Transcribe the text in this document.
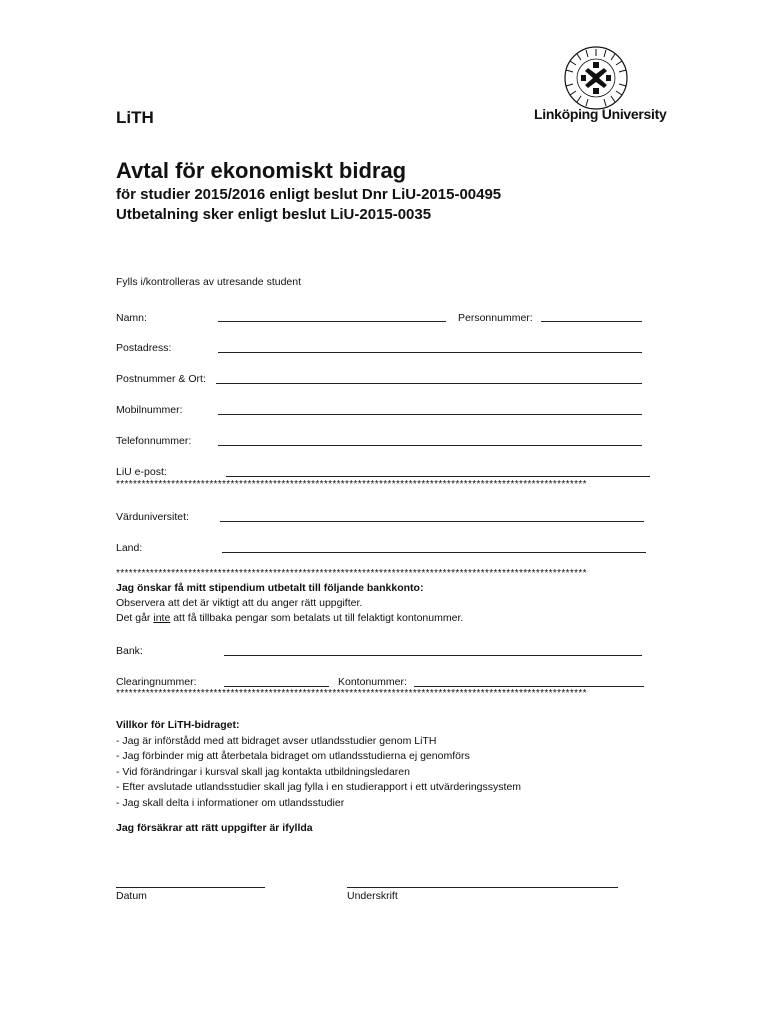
LiTH	Linköping University
Avtal för ekonomiskt bidrag
för studier 2015/2016 enligt beslut Dnr LiU-2015-00495
Utbetalning sker enligt beslut LiU-2015-0035
Fylls i/kontrolleras av utresande student
Namn:	Personnummer:
Postadress:
Postnummer & Ort:
Mobilnummer:
Telefonnummer:
LiU e-post:
***************************************************************************************************************
Värduniversitet:
Land:
***************************************************************************************************************
Jag önskar få mitt stipendium utbetalt till följande bankkonto:
Observera att det är viktigt att du anger rätt uppgifter.
Det går inte att få tillbaka pengar som betalats ut till felaktigt kontonummer.
Bank:
Clearingnummer:	Kontonummer:
***************************************************************************************************************
Villkor för LiTH-bidraget:
- Jag är införstådd med att bidraget avser utlandsstudier genom LiTH
- Jag förbinder mig att återbetala bidraget om utlandsstudierna ej genomförs
- Vid förändringar i kursval skall jag kontakta utbildningsledaren
- Efter avslutade utlandsstudier skall jag fylla i en studierapport i ett utvärderingssystem
- Jag skall delta i informationer om utlandsstudier
Jag försäkrar att rätt uppgifter är ifyllda
Datum	Underskrift
